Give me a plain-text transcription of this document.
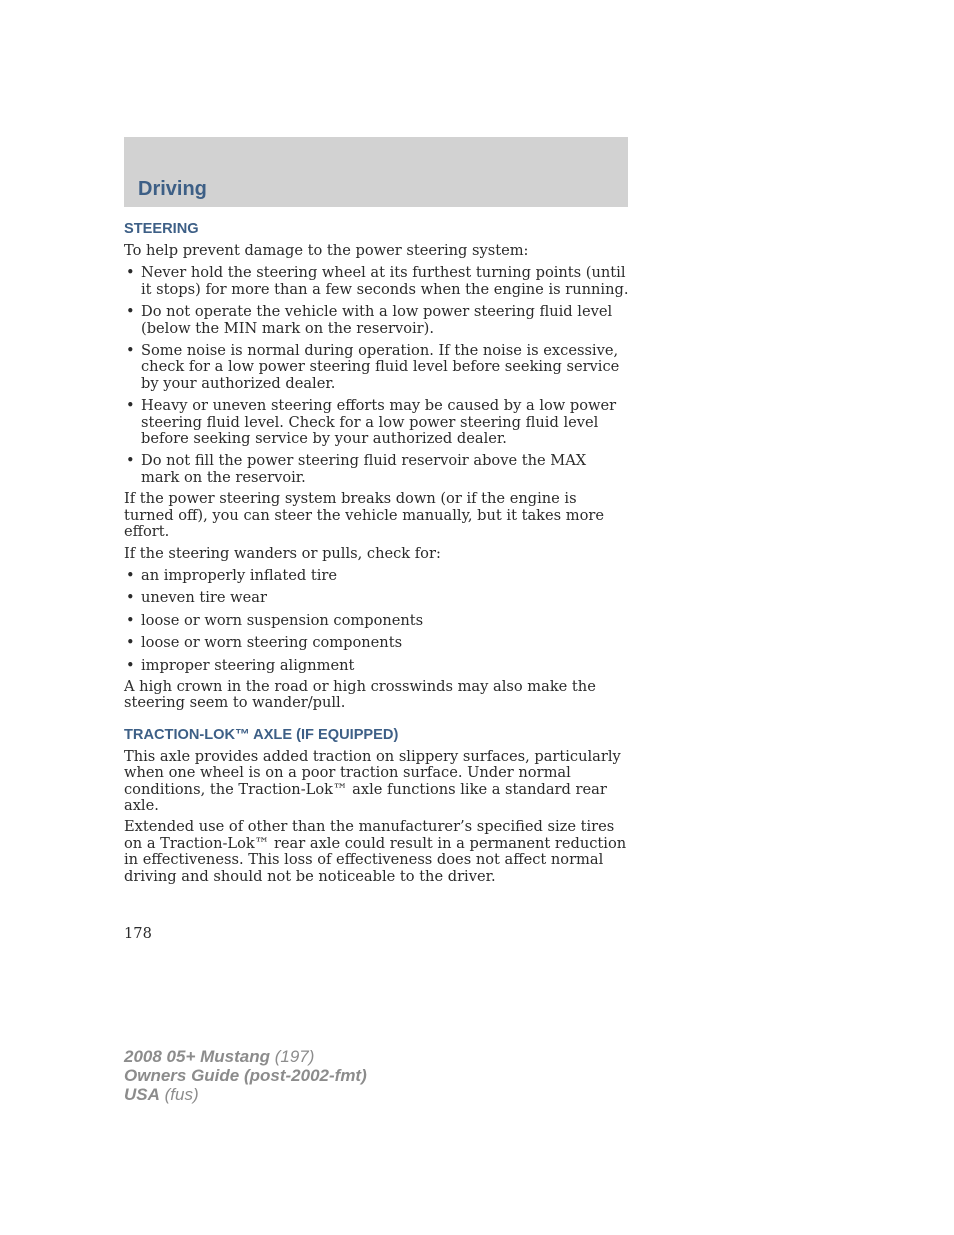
Driving
STEERING

To help prevent damage to the power steering system:

• Never hold the steering wheel at its furthest turning points (until it stops) for more than a few seconds when the engine is running.
• Do not operate the vehicle with a low power steering fluid level (below the MIN mark on the reservoir).
• Some noise is normal during operation. If the noise is excessive, check for a low power steering fluid level before seeking service by your authorized dealer.
• Heavy or uneven steering efforts may be caused by a low power steering fluid level. Check for a low power steering fluid level before seeking service by your authorized dealer.
• Do not fill the power steering fluid reservoir above the MAX mark on the reservoir.

If the power steering system breaks down (or if the engine is turned off), you can steer the vehicle manually, but it takes more effort.

If the steering wanders or pulls, check for:

• an improperly inflated tire
• uneven tire wear
• loose or worn suspension components
• loose or worn steering components
• improper steering alignment

A high crown in the road or high crosswinds may also make the steering seem to wander/pull.

TRACTION-LOK™ AXLE (IF EQUIPPED)

This axle provides added traction on slippery surfaces, particularly when one wheel is on a poor traction surface. Under normal conditions, the Traction-Lok™ axle functions like a standard rear axle.

Extended use of other than the manufacturer’s specified size tires on a Traction-Lok™ rear axle could result in a permanent reduction in effectiveness. This loss of effectiveness does not affect normal driving and should not be noticeable to the driver.

178
2008 05+ Mustang (197)
Owners Guide (post-2002-fmt)
USA (fus)
